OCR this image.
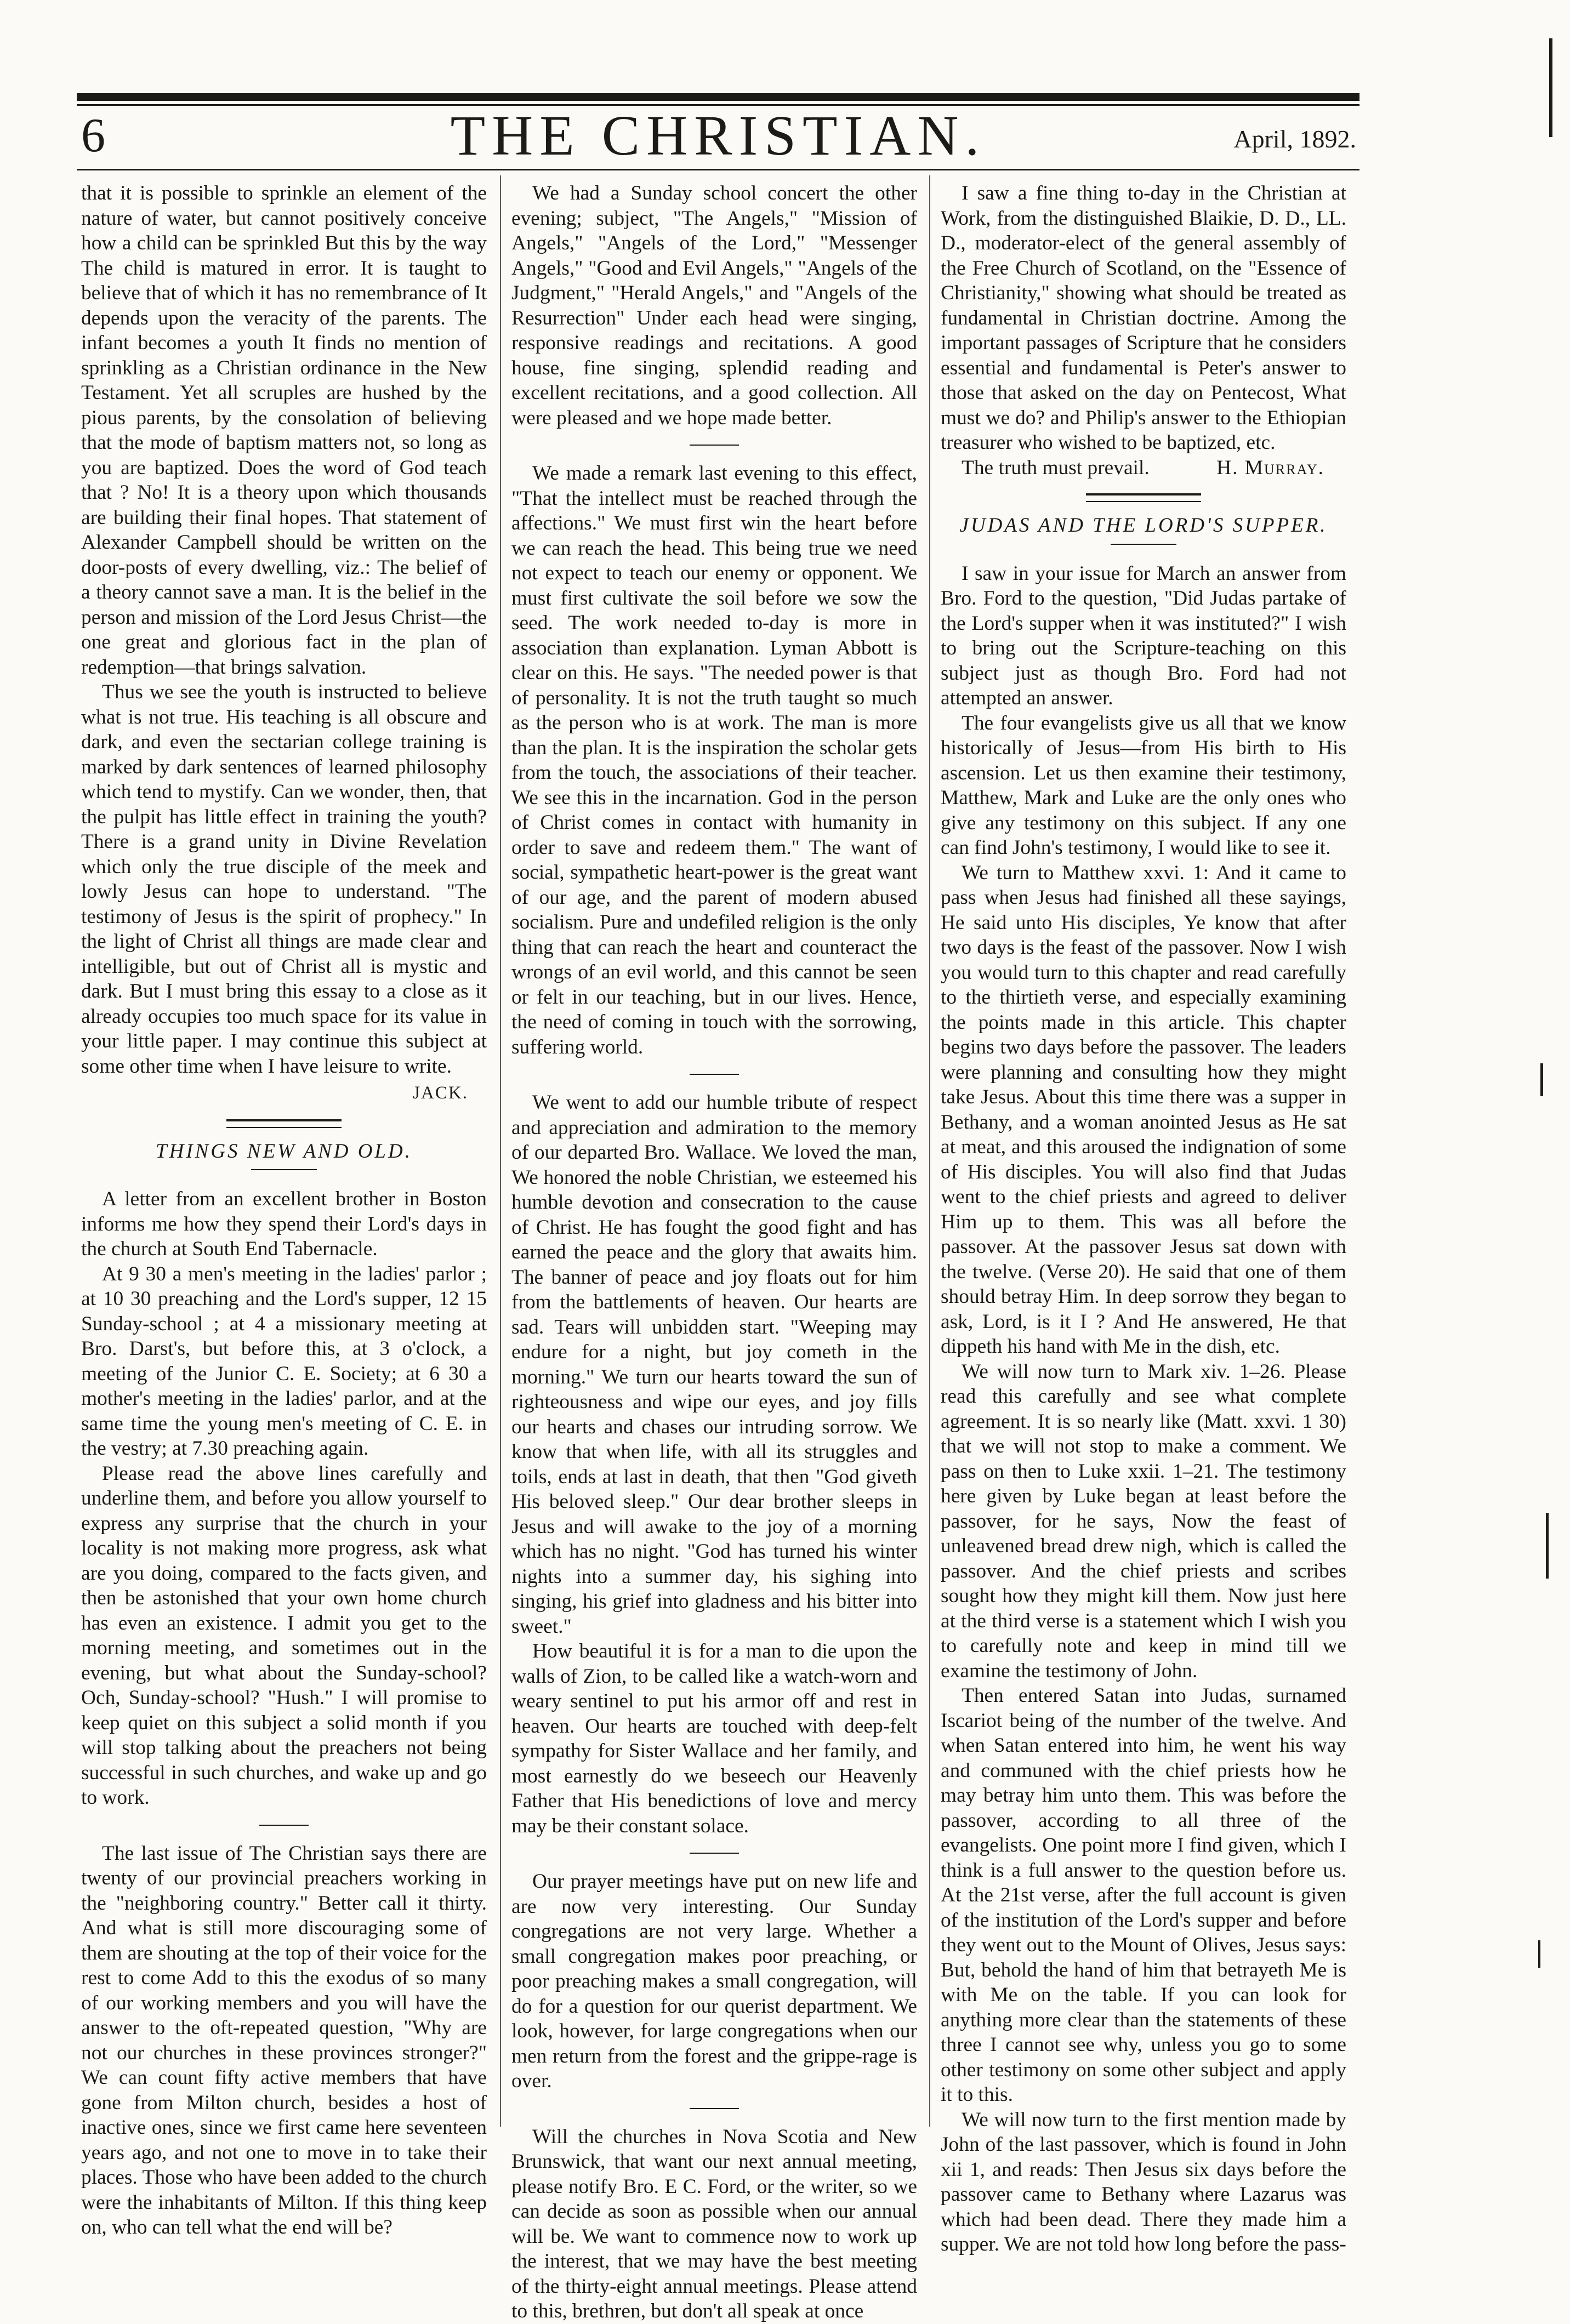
6	THE CHRISTIAN.	April, 1892.

that it is possible to sprinkle an element of the nature of water, but cannot positively conceive how a child can be sprinkled But this by the way The child is matured in error. It is taught to believe that of which it has no remembrance of It depends upon the veracity of the parents. The infant becomes a youth It finds no mention of sprinkling as a Christian ordinance in the New Testament. Yet all scruples are hushed by the pious parents, by the consolation of believing that the mode of baptism matters not, so long as you are baptized. Does the word of God teach that ? No! It is a theory upon which thousands are building their final hopes. That statement of Alexander Campbell should be written on the door-posts of every dwelling, viz.: The belief of a theory cannot save a man. It is the belief in the person and mission of the Lord Jesus Christ—the one great and glorious fact in the plan of redemption—that brings salvation.

Thus we see the youth is instructed to believe what is not true. His teaching is all obscure and dark, and even the sectarian college training is marked by dark sentences of learned philosophy which tend to mystify. Can we wonder, then, that the pulpit has little effect in training the youth? There is a grand unity in Divine Revelation which only the true disciple of the meek and lowly Jesus can hope to understand. "The testimony of Jesus is the spirit of prophecy." In the light of Christ all things are made clear and intelligible, but out of Christ all is mystic and dark. But I must bring this essay to a close as it already occupies too much space for its value in your little paper. I may continue this subject at some other time when I have leisure to write.

JACK.
THINGS NEW AND OLD.

A letter from an excellent brother in Boston informs me how they spend their Lord's days in the church at South End Tabernacle.

At 9 30 a men's meeting in the ladies' parlor ; at 10 30 preaching and the Lord's supper, 12 15 Sunday-school ; at 4 a missionary meeting at Bro. Darst's, but before this, at 3 o'clock, a meeting of the Junior C. E. Society; at 6 30 a mother's meeting in the ladies' parlor, and at the same time the young men's meeting of C. E. in the vestry; at 7.30 preaching again.

Please read the above lines carefully and underline them, and before you allow yourself to express any surprise that the church in your locality is not making more progress, ask what are you doing, compared to the facts given, and then be astonished that your own home church has even an existence. I admit you get to the morning meeting, and sometimes out in the evening, but what about the Sunday-school? Och, Sunday-school? "Hush." I will promise to keep quiet on this subject a solid month if you will stop talking about the preachers not being successful in such churches, and wake up and go to work.

The last issue of The Christian says there are twenty of our provincial preachers working in the "neighboring country." Better call it thirty. And what is still more discouraging some of them are shouting at the top of their voice for the rest to come Add to this the exodus of so many of our working members and you will have the answer to the oft-repeated question, "Why are not our churches in these provinces stronger?" We can count fifty active members that have gone from Milton church, besides a host of inactive ones, since we first came here seventeen years ago, and not one to move in to take their places. Those who have been added to the church were the inhabitants of Milton. If this thing keep on, who can tell what the end will be?

We had a Sunday school concert the other evening; subject, "The Angels," "Mission of Angels," "Angels of the Lord," "Messenger Angels," "Good and Evil Angels," "Angels of the Judgment," "Herald Angels," and "Angels of the Resurrection" Under each head were singing, responsive readings and recitations. A good house, fine singing, splendid reading and excellent recitations, and a good collection. All were pleased and we hope made better.

We made a remark last evening to this effect, "That the intellect must be reached through the affections." We must first win the heart before we can reach the head. This being true we need not expect to teach our enemy or opponent. We must first cultivate the soil before we sow the seed. The work needed to-day is more in association than explanation. Lyman Abbott is clear on this. He says. "The needed power is that of personality. It is not the truth taught so much as the person who is at work. The man is more than the plan. It is the inspiration the scholar gets from the touch, the associations of their teacher. We see this in the incarnation. God in the person of Christ comes in contact with humanity in order to save and redeem them." The want of social, sympathetic heart-power is the great want of our age, and the parent of modern abused socialism. Pure and undefiled religion is the only thing that can reach the heart and counteract the wrongs of an evil world, and this cannot be seen or felt in our teaching, but in our lives. Hence, the need of coming in touch with the sorrowing, suffering world.

We went to add our humble tribute of respect and appreciation and admiration to the memory of our departed Bro. Wallace. We loved the man, We honored the noble Christian, we esteemed his humble devotion and consecration to the cause of Christ. He has fought the good fight and has earned the peace and the glory that awaits him. The banner of peace and joy floats out for him from the battlements of heaven. Our hearts are sad. Tears will unbidden start. "Weeping may endure for a night, but joy cometh in the morning." We turn our hearts toward the sun of righteousness and wipe our eyes, and joy fills our hearts and chases our intruding sorrow. We know that when life, with all its struggles and toils, ends at last in death, that then "God giveth His beloved sleep." Our dear brother sleeps in Jesus and will awake to the joy of a morning which has no night. "God has turned his winter nights into a summer day, his sighing into singing, his grief into gladness and his bitter into sweet."

How beautiful it is for a man to die upon the walls of Zion, to be called like a watch-worn and weary sentinel to put his armor off and rest in heaven. Our hearts are touched with deep-felt sympathy for Sister Wallace and her family, and most earnestly do we beseech our Heavenly Father that His benedictions of love and mercy may be their constant solace.

Our prayer meetings have put on new life and are now very interesting. Our Sunday congregations are not very large. Whether a small congregation makes poor preaching, or poor preaching makes a small congregation, will do for a question for our querist department. We look, however, for large congregations when our men return from the forest and the grippe-rage is over.

Will the churches in Nova Scotia and New Brunswick, that want our next annual meeting, please notify Bro. E C. Ford, or the writer, so we can decide as soon as possible when our annual will be. We want to commence now to work up the interest, that we may have the best meeting of the thirty-eight annual meetings. Please attend to this, brethren, but don't all speak at once

I saw a fine thing to-day in the Christian at Work, from the distinguished Blaikie, D. D., LL. D., moderator-elect of the general assembly of the Free Church of Scotland, on the "Essence of Christianity," showing what should be treated as fundamental in Christian doctrine. Among the important passages of Scripture that he considers essential and fundamental is Peter's answer to those that asked on the day on Pentecost, What must we do? and Philip's answer to the Ethiopian treasurer who wished to be baptized, etc.

The truth must prevail.	H. Murray.
JUDAS AND THE LORD'S SUPPER.

I saw in your issue for March an answer from Bro. Ford to the question, "Did Judas partake of the Lord's supper when it was instituted?" I wish to bring out the Scripture-teaching on this subject just as though Bro. Ford had not attempted an answer.

The four evangelists give us all that we know historically of Jesus—from His birth to His ascension. Let us then examine their testimony, Matthew, Mark and Luke are the only ones who give any testimony on this subject. If any one can find John's testimony, I would like to see it.

We turn to Matthew xxvi. 1: And it came to pass when Jesus had finished all these sayings, He said unto His disciples, Ye know that after two days is the feast of the passover. Now I wish you would turn to this chapter and read carefully to the thirtieth verse, and especially examining the points made in this article. This chapter begins two days before the passover. The leaders were planning and consulting how they might take Jesus. About this time there was a supper in Bethany, and a woman anointed Jesus as He sat at meat, and this aroused the indignation of some of His disciples. You will also find that Judas went to the chief priests and agreed to deliver Him up to them. This was all before the passover. At the passover Jesus sat down with the twelve. (Verse 20). He said that one of them should betray Him. In deep sorrow they began to ask, Lord, is it I ? And He answered, He that dippeth his hand with Me in the dish, etc.

We will now turn to Mark xiv. 1–26. Please read this carefully and see what complete agreement. It is so nearly like (Matt. xxvi. 1 30) that we will not stop to make a comment. We pass on then to Luke xxii. 1–21. The testimony here given by Luke began at least before the passover, for he says, Now the feast of unleavened bread drew nigh, which is called the passover. And the chief priests and scribes sought how they might kill them. Now just here at the third verse is a statement which I wish you to carefully note and keep in mind till we examine the testimony of John.

Then entered Satan into Judas, surnamed Iscariot being of the number of the twelve. And when Satan entered into him, he went his way and communed with the chief priests how he may betray him unto them. This was before the passover, according to all three of the evangelists. One point more I find given, which I think is a full answer to the question before us. At the 21st verse, after the full account is given of the institution of the Lord's supper and before they went out to the Mount of Olives, Jesus says: But, behold the hand of him that betrayeth Me is with Me on the table. If you can look for anything more clear than the statements of these three I cannot see why, unless you go to some other testimony on some other subject and apply it to this.

We will now turn to the first mention made by John of the last passover, which is found in John xii 1, and reads: Then Jesus six days before the passover came to Bethany where Lazarus was which had been dead. There they made him a supper. We are not told how long before the pass-
